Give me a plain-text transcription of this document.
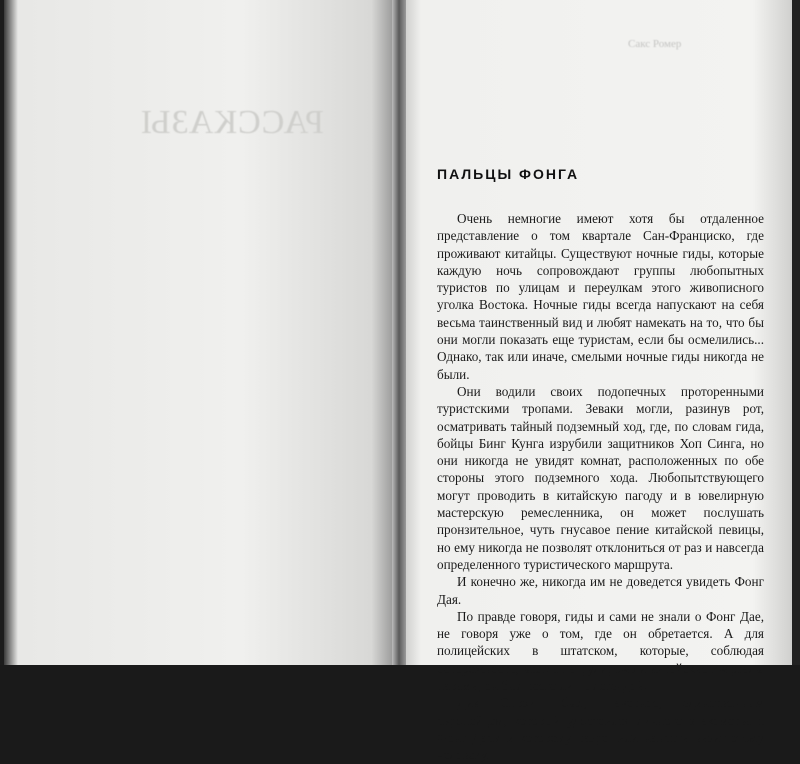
РАССКАЗЫ
Сакс Ромер
ПАЛЬЦЫ ФОНГА

Очень немногие имеют хотя бы отдаленное представление о том квартале Сан-Франциско, где проживают китайцы. Существуют ночные гиды, которые каждую ночь сопровождают группы любопытных туристов по улицам и переулкам этого живописного уголка Востока. Ночные гиды всегда напускают на себя весьма таинственный вид и любят намекать на то, что бы они могли показать еще туристам, если бы осмелились... Однако, так или иначе, смелыми ночные гиды никогда не были.

Они водили своих подопечных проторенными туристскими тропами. Зеваки могли, разинув рот, осматривать тайный подземный ход, где, по словам гида, бойцы Бинг Кунга изрубили защитников Хоп Синга, но они никогда не увидят комнат, расположенных по обе стороны этого подземного хода. Любопытствующего могут проводить в китайскую пагоду и в ювелирную мастерскую ремесленника, он может послушать пронзительное, чуть гнусавое пение китайской певицы, но ему никогда не позволят отклониться от раз и навсегда определенного туристического маршрута.

И конечно же, никогда им не доведется увидеть Фонг Дая.

По правде говоря, гиды и сами не знали о Фонг Дае, не говоря уже о том, где он обретается. А для полицейских в штатском, которые, соблюдая осторожность, всегда патрулировали китайские кварталы парами, он был всего лишь легендой.

Дик Спрэйг был, наверное, единственным европейцем, который удостоился личного знакомства с Фонг Даем и которому разрешили нанести визит этому человеку.
